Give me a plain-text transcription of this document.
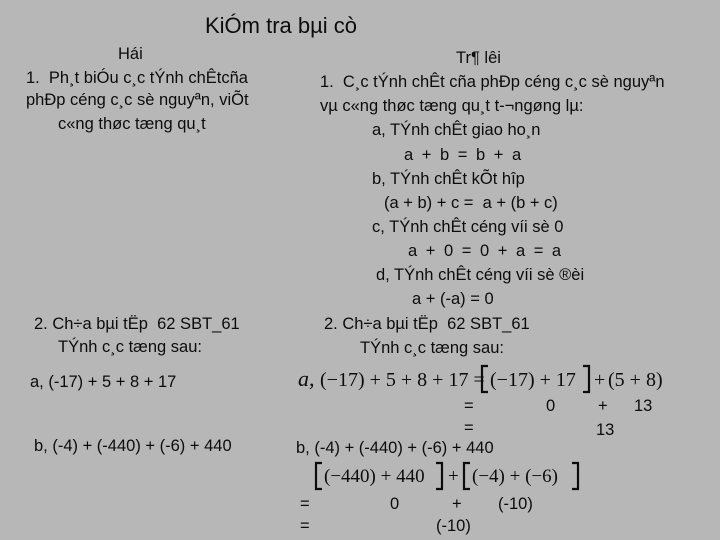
KiÓm tra bµi cò
Hái
1.  Ph¸t biÓu c¸c tÝnh chÊtcña
phÐp céng c¸c sè nguyªn, viÕt
c«ng thøc tæng qu¸t
2. Ch÷a bµi tËp  62 SBT_61
TÝnh c¸c tæng sau:
a, (-17) + 5 + 8 + 17
b, (-4) + (-440) + (-6) + 440
Tr¶ lêi
1.  C¸c tÝnh chÊt cña phÐp céng c¸c sè nguyªn
vµ c«ng thøc tæng qu¸t t-¬ngøng lµ:
a, TÝnh chÊt giao ho¸n
a + b = b + a
b, TÝnh chÊt kÕt hîp
(a + b) + c =  a + (b + c)
c, TÝnh chÊt céng víi sè 0
a + 0 = 0 + a = a
d, TÝnh chÊt céng víi sè ®èi
a + (-a) = 0
2. Ch÷a bµi tËp  62 SBT_61
TÝnh c¸c tæng sau:
a, (−17) + 5 + 8 + 17 = (−17) + 17 + (5 + 8)
=	0	+ 13
=	13
b, (-4) + (-440) + (-6) + 440
(−440) + 440 + (−4) + (−6)
=	0	+ (-10)
=	(-10)
